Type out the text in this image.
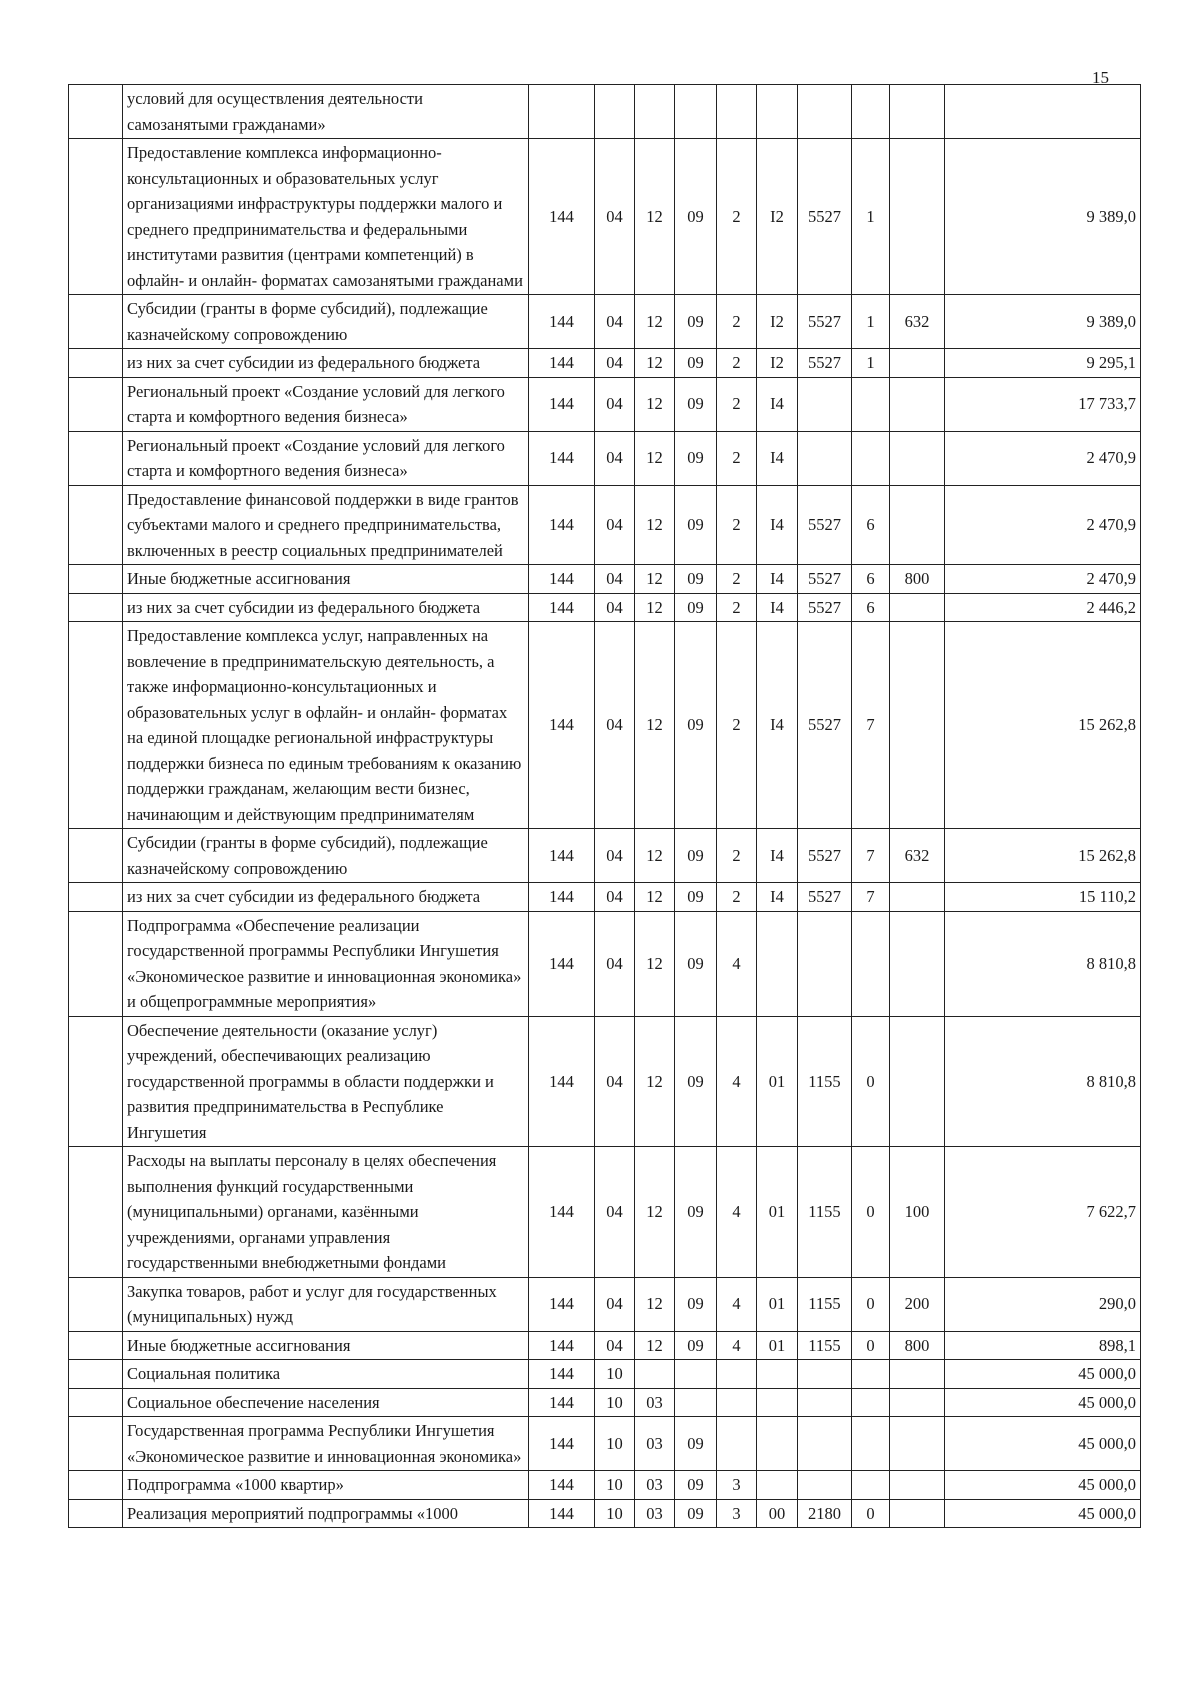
15
	условий для осуществления деятельности самозанятыми гражданами»										
	Предоставление комплекса информационно-консультационных и образовательных услуг организациями инфраструктуры поддержки малого и среднего предпринимательства и федеральными институтами развития (центрами компетенций) в офлайн- и онлайн- форматах самозанятыми гражданами	144	04	12	09	2	I2	5527	1		9 389,0
	Субсидии (гранты в форме субсидий), подлежащие казначейскому сопровождению	144	04	12	09	2	I2	5527	1	632	9 389,0
	из них за счет субсидии из федерального бюджета	144	04	12	09	2	I2	5527	1		9 295,1
	Региональный проект «Создание условий для легкого старта и комфортного ведения бизнеса»	144	04	12	09	2	I4				17 733,7
	Региональный проект «Создание условий для легкого старта и комфортного ведения бизнеса»	144	04	12	09	2	I4				2 470,9
	Предоставление финансовой поддержки в виде грантов субъектами малого и среднего предпринимательства, включенных в реестр социальных предпринимателей	144	04	12	09	2	I4	5527	6		2 470,9
	Иные бюджетные ассигнования	144	04	12	09	2	I4	5527	6	800	2 470,9
	из них за счет субсидии из федерального бюджета	144	04	12	09	2	I4	5527	6		2 446,2
	Предоставление комплекса услуг, направленных на вовлечение в предпринимательскую деятельность, а также информационно-консультационных и образовательных услуг в офлайн- и онлайн- форматах на единой площадке региональной инфраструктуры поддержки бизнеса по единым требованиям к оказанию поддержки гражданам, желающим вести бизнес, начинающим и действующим предпринимателям	144	04	12	09	2	I4	5527	7		15 262,8
	Субсидии (гранты в форме субсидий), подлежащие казначейскому сопровождению	144	04	12	09	2	I4	5527	7	632	15 262,8
	из них за счет субсидии из федерального бюджета	144	04	12	09	2	I4	5527	7		15 110,2
	Подпрограмма «Обеспечение реализации государственной программы Республики Ингушетия «Экономическое развитие и инновационная экономика» и общепрограммные мероприятия»	144	04	12	09	4					8 810,8
	Обеспечение деятельности (оказание услуг) учреждений, обеспечивающих реализацию государственной программы в области поддержки и развития предпринимательства в Республике Ингушетия	144	04	12	09	4	01	1155	0		8 810,8
	Расходы на выплаты персоналу в целях обеспечения выполнения функций государственными (муниципальными) органами, казёнными учреждениями, органами управления государственными внебюджетными фондами	144	04	12	09	4	01	1155	0	100	7 622,7
	Закупка товаров, работ и услуг для государственных (муниципальных) нужд	144	04	12	09	4	01	1155	0	200	290,0
	Иные бюджетные ассигнования	144	04	12	09	4	01	1155	0	800	898,1
	Социальная политика	144	10								45 000,0
	Социальное обеспечение населения	144	10	03							45 000,0
	Государственная программа Республики Ингушетия «Экономическое развитие и инновационная экономика»	144	10	03	09						45 000,0
	Подпрограмма «1000 квартир»	144	10	03	09	3					45 000,0
	Реализация мероприятий подпрограммы «1000	144	10	03	09	3	00	2180	0		45 000,0
